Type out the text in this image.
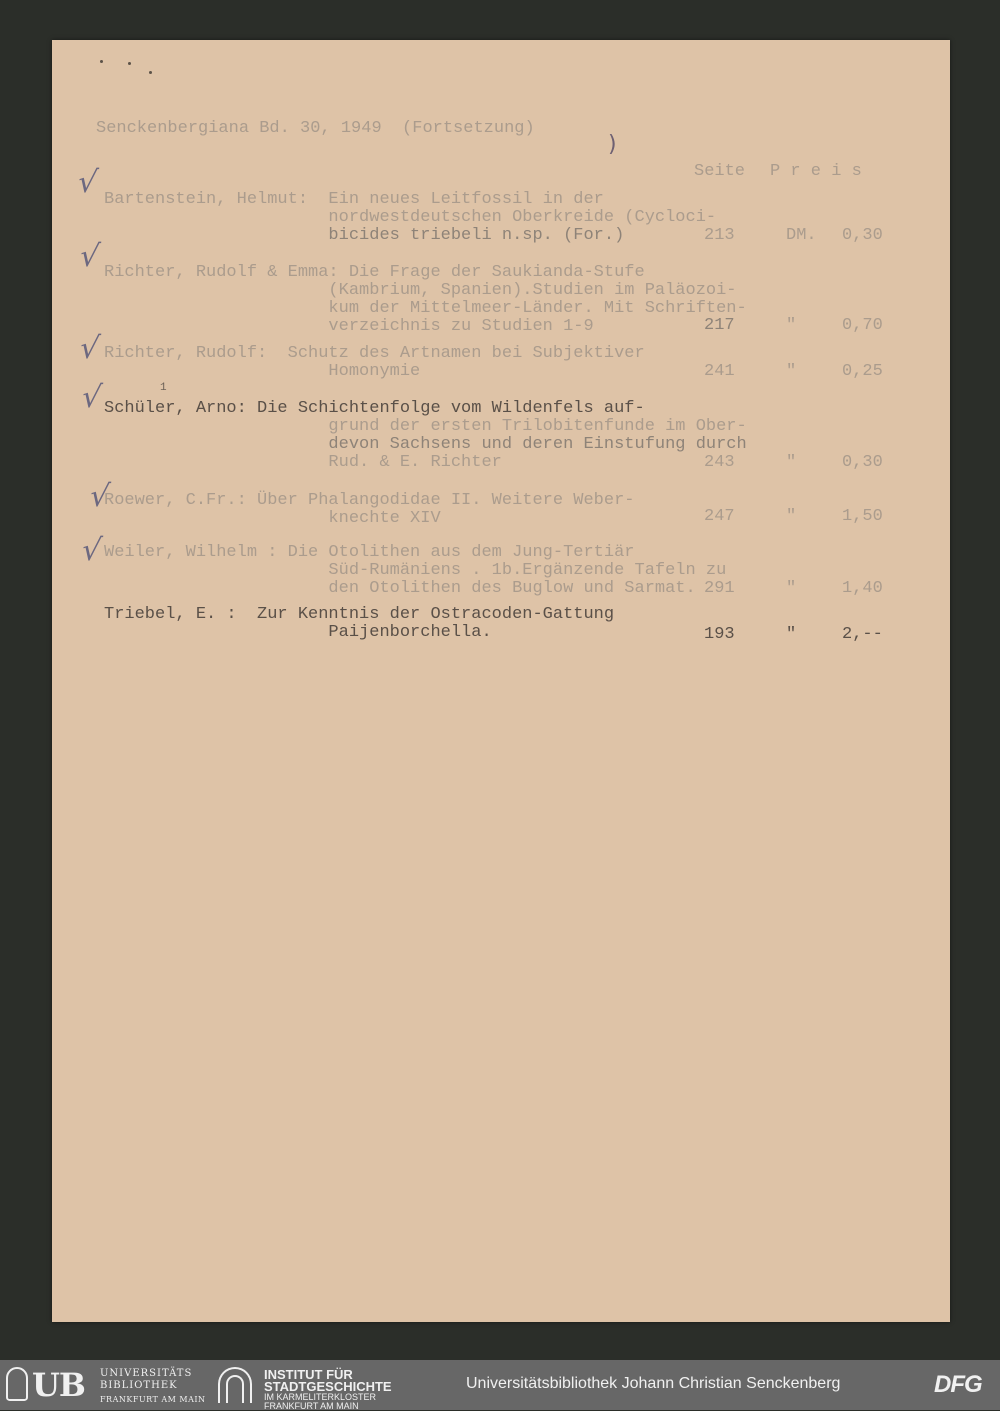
Senckenbergiana Bd. 30, 1949  (Fortsetzung)
)
Seite P r e i s
√ Bartenstein, Helmut:  Ein neues Leitfossil in der
nordwestdeutschen Oberkreide (Cycloci-
bicides triebeli n.sp. (For.)	213	DM. 0,30
√ Richter, Rudolf & Emma: Die Frage der Saukianda-Stufe
(Kambrium, Spanien).Studien im Paläozoi-
kum der Mittelmeer-Länder. Mit Schriften-
verzeichnis zu Studien 1-9	217	"	0,70
√ Richter, Rudolf:  Schutz des Artnamen bei Subjektiver
Homonymie	241	"	0,25
√	1
Schüler, Arno: Die Schichtenfolge vom Wildenfels auf-
grund der ersten Trilobitenfunde im Ober-
devon Sachsens und deren Einstufung durch
Rud. & E. Richter	243	"	0,30
√
Roewer, C.Fr.: Über Phalangodidae II. Weitere Weber-
knechte XIV	247	"	1,50
√ Weiler, Wilhelm : Die Otolithen aus dem Jung-Tertiär
Süd-Rumäniens . 1b.Ergänzende Tafeln zu
den Otolithen des Buglow und Sarmat. 291	"	1,40
Triebel, E. :  Zur Kenntnis der Ostracoden-Gattung
Paijenborchella.	193	"	2,--
UB UNIVERSITÄTS
BIBLIOTHEK
FRANKFURT AM MAIN
INSTITUT FÜR
STADTGESCHICHTE
IM KARMELITERKLOSTER
FRANKFURT AM MAIN
Universitätsbibliothek Johann Christian Senckenberg	DFG
